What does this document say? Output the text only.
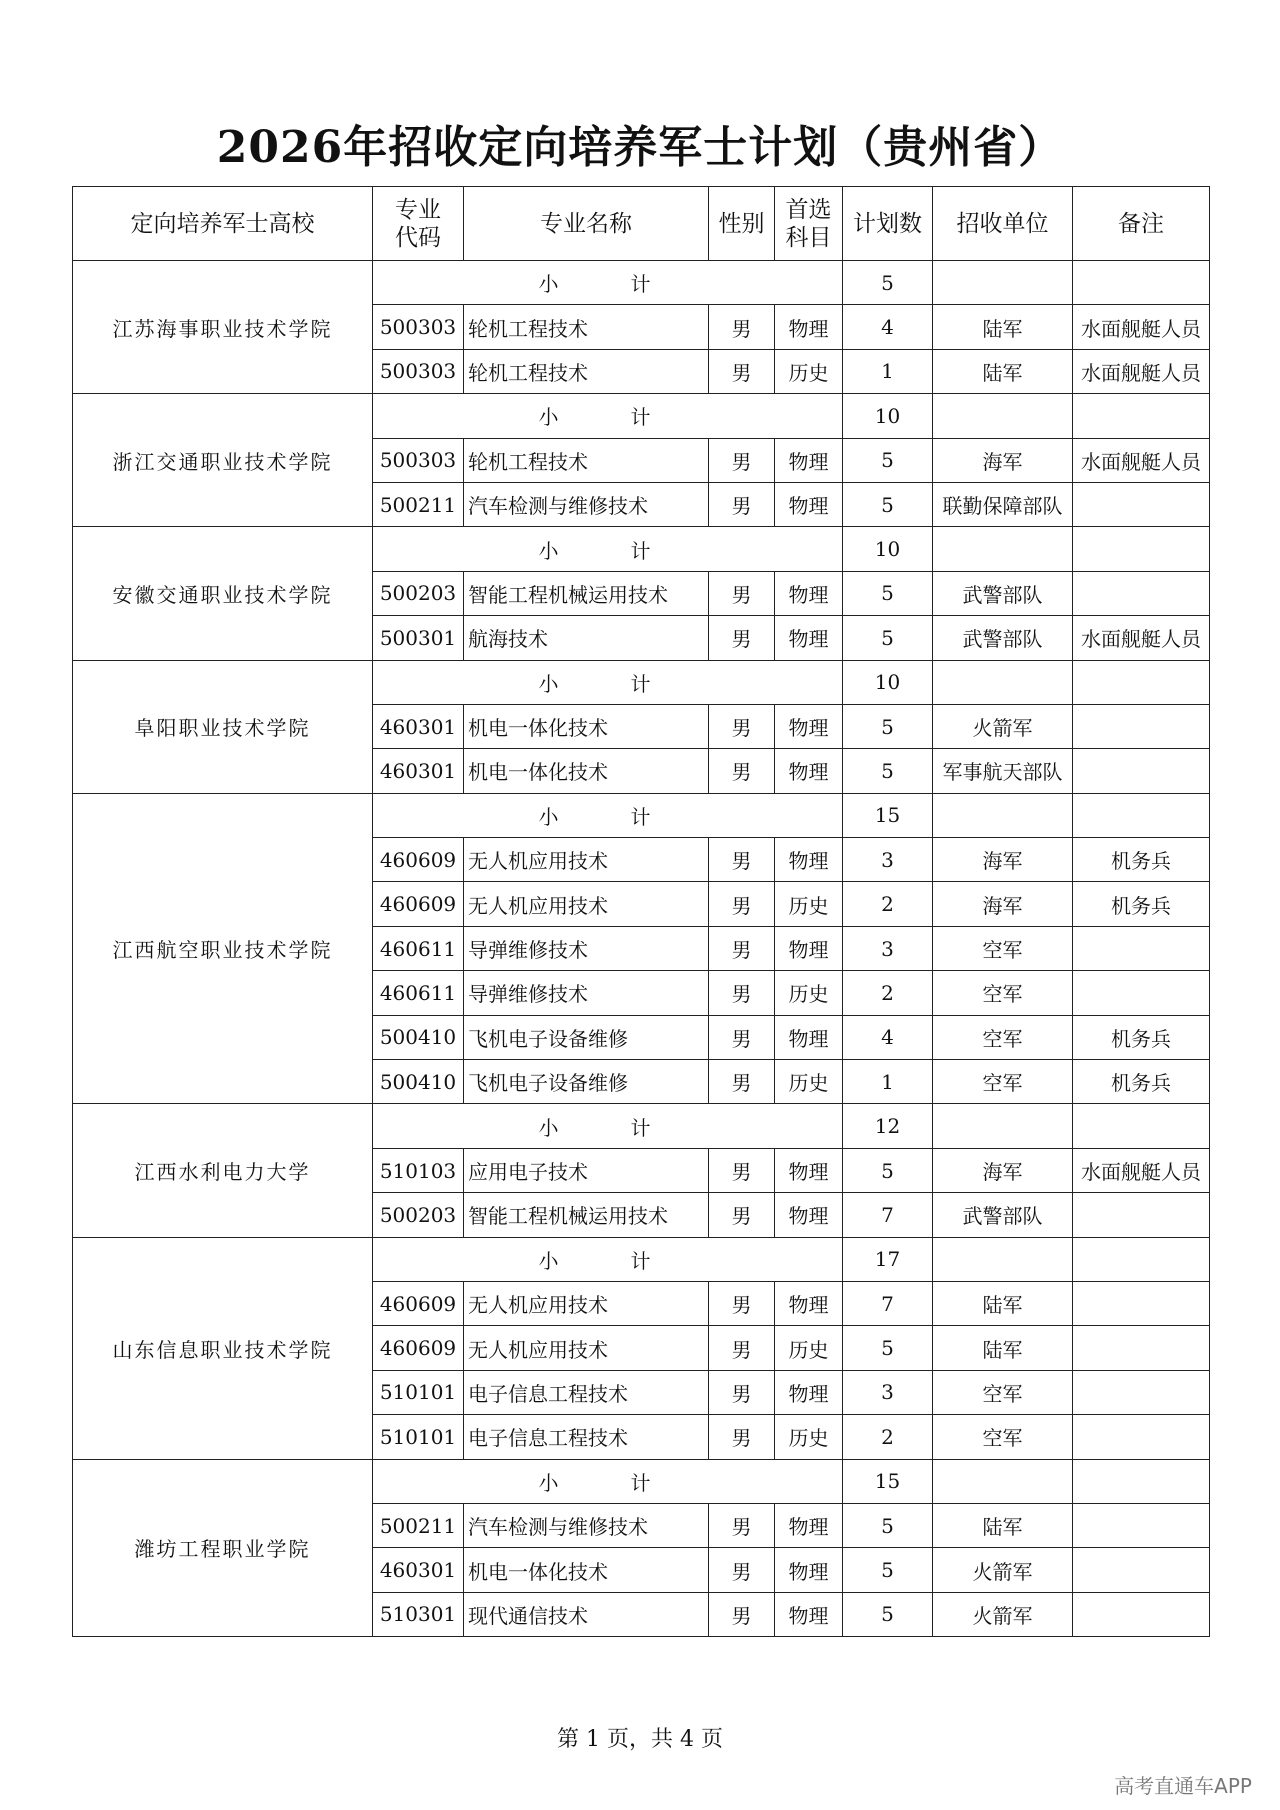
2026年招收定向培养军士计划（贵州省）
定向培养军士高校	专业代码	专业名称	性别	首选科目	计划数	招收单位	备注
江苏海事职业技术学院	小　计				5		
	500303	轮机工程技术	男	物理	4	陆军	水面舰艇人员
	500303	轮机工程技术	男	历史	1	陆军	水面舰艇人员
浙江交通职业技术学院	小　计				10		
	500303	轮机工程技术	男	物理	5	海军	水面舰艇人员
	500211	汽车检测与维修技术	男	物理	5	联勤保障部队	
安徽交通职业技术学院	小　计				10		
	500203	智能工程机械运用技术	男	物理	5	武警部队	
	500301	航海技术	男	物理	5	武警部队	水面舰艇人员
阜阳职业技术学院	小　计				10		
	460301	机电一体化技术	男	物理	5	火箭军	
	460301	机电一体化技术	男	物理	5	军事航天部队	
江西航空职业技术学院	小　计				15		
	460609	无人机应用技术	男	物理	3	海军	机务兵
	460609	无人机应用技术	男	历史	2	海军	机务兵
	460611	导弹维修技术	男	物理	3	空军	
	460611	导弹维修技术	男	历史	2	空军	
	500410	飞机电子设备维修	男	物理	4	空军	机务兵
	500410	飞机电子设备维修	男	历史	1	空军	机务兵
江西水利电力大学	小　计				12		
	510103	应用电子技术	男	物理	5	海军	水面舰艇人员
	500203	智能工程机械运用技术	男	物理	7	武警部队	
山东信息职业技术学院	小　计				17		
	460609	无人机应用技术	男	物理	7	陆军	
	460609	无人机应用技术	男	历史	5	陆军	
	510101	电子信息工程技术	男	物理	3	空军	
	510101	电子信息工程技术	男	历史	2	空军	
潍坊工程职业学院	小　计				15		
	500211	汽车检测与维修技术	男	物理	5	陆军	
	460301	机电一体化技术	男	物理	5	火箭军	
	510301	现代通信技术	男	物理	5	火箭军	
第 1 页，共 4 页
高考直通车APP
